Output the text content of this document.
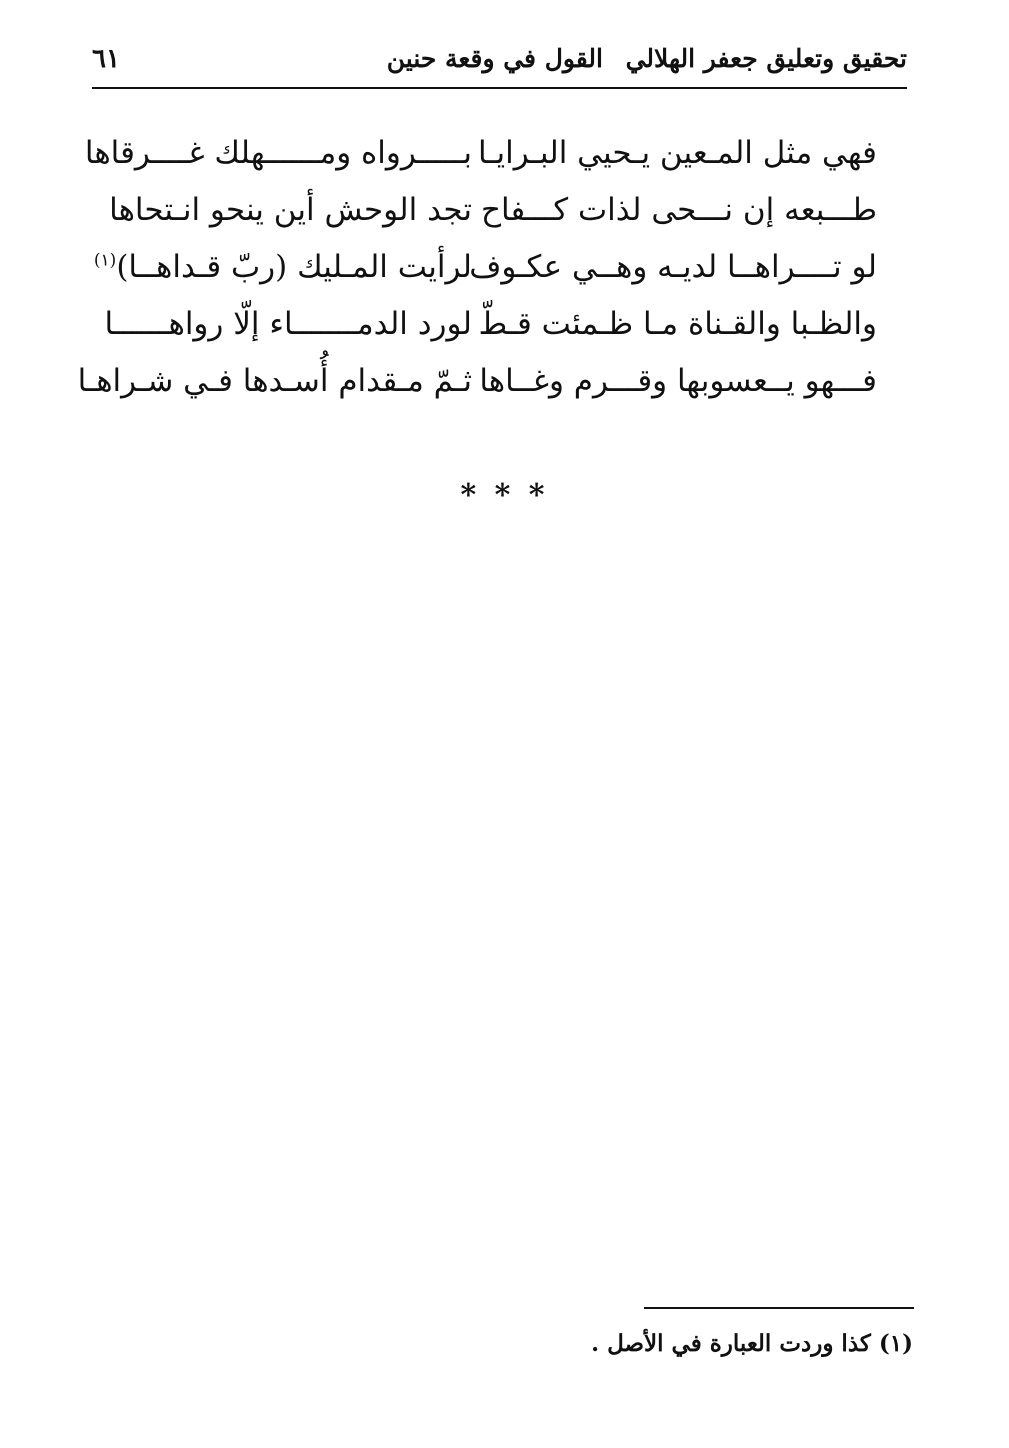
تحقيق وتعليق جعفر الهلالي
القول في وقعة حنين
٦١
فهي مثل المـعين يـحيي البـرايـا
بـــــرواه ومــــــهلك غــــرقاها
طـــبعه إن نـــحى لذات كـــفاح
تجد الوحش أين ينحو انـتحاها
لو تــــراهــا لديـه وهــي عكـوف
لرأيت المـليك (ربّ قـداهــا)$^{(١)}$
والظـبا والقـناة مـا ظـمئت قـطّ
لورد الدمـــــــاء إلّا رواهــــــا
فـــهو يــعسوبها وقـــرم وغــاها
ثـمّ مـقدام أُسـدها فـي شـراهـا
* * *
(١) كذا وردت العبارة في الأصل .
